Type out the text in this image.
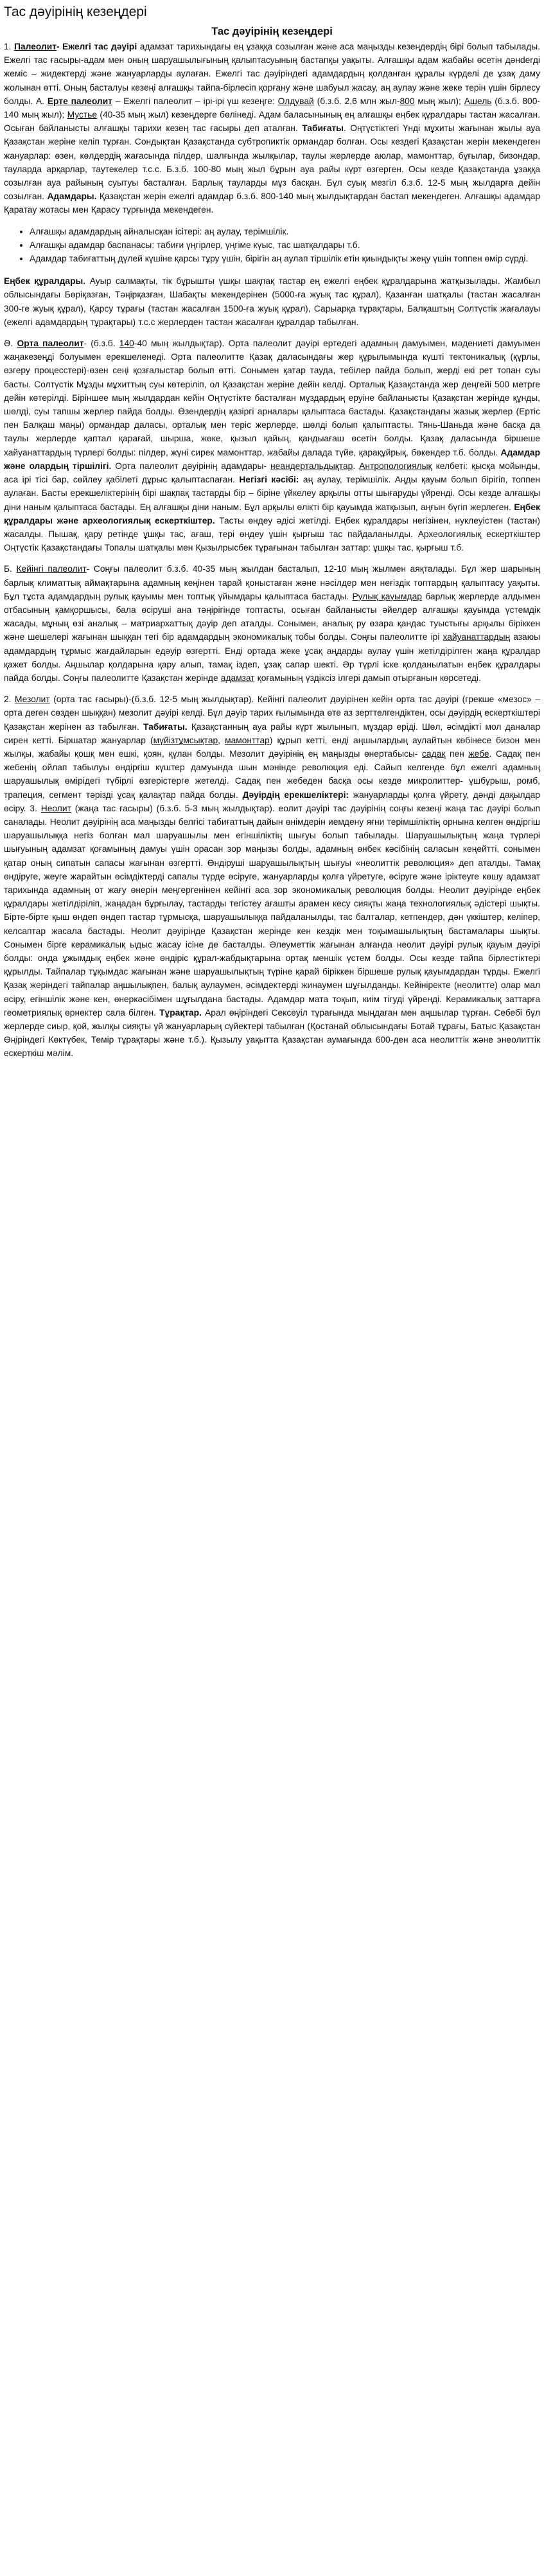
Тас дәуірінің кезеңдері
Тас дәуірінің кезеңдері

1. Палеолит- Ежелгі тас дәуірі адамзат тарихындағы ең ұзаққа созылған және аса маңызды кезеңдердің бірі болып табылады. Ежелгі тас ғасыры-адам мен оның шаруашылығының қалыптасуының бастапқы уақыты. Алғашқы адам жабайы өсетін дәнderді жеміс – жидектерді және жануарларды аулаған. Ежелгі тас дәуіріндегі адамдардың қолданған құралы күрделі де ұзақ даму жолынан өтті. Оның басталуы кезеңі алғашқы тайпа-бірлесіп қорғану және шабуыл жасау, аң аулау және жеке терін үшін бірлесу болды. А. Ерте палеолит – Ежелгі палеолит – ірі-ірі үш кезеңге: Олдувай (б.з.б. 2,6 млн жыл-800 мың жыл); Ашель (б.з.б. 800-140 мың жыл); Мустье (40-35 мың жыл) кезеңдерге бөлінеді. Адам баласынының ең алғашқы еңбек құралдары тастан жасалған. Осыған байланысты алғашқы тарихи кезең тас ғасыры деп аталған. Табиғаты. Оңтүстіктегі Үнді мұхиты жағынан жылы ауа Қазақстан жеріне келіп тұрған. Сондықтан Қазақстанда субтропиктік ормандар болған. Осы кездегі Қазақстан жерін мекендеген жануарлар: өзен, көлдердің жағасында пілдер, шалғында жылқылар, таулы жерлерде аюлар, мамонттар, бұғылар, бизондар, тауларда арқарлар, таутекелер т.с.с. Б.з.б. 100-80 мың жыл бұрын ауа райы күрт өзгерген. Осы кезде Қазақстанда ұзаққа созылған ауа райының суытуы басталған. Барлық тауларды мұз басқан. Бұл суық мезгіл б.з.б. 12-5 мың жылдарға дейін созылған. Адамдары. Қазақстан жерін ежелгі адамдар б.з.б. 800-140 мың жылдықтардан бастап мекендеген. Алғашқы адамдар Қаратау жотасы мен Қарасу тұрғында мекендеген.

• Алғашқы адамдардың айналысқан ісітері: аң аулау, терімшілік.
• Алғашқы адамдар баспанасы: табиғи үңгірлер, үңгіме күыс, тас шатқалдары т.б.
• Адамдар табиғаттың дүлей күшіне қарсы тұру үшін, бірігін аң аулап тіршілік етін қиындықты жеңу үшін топпен өмір сүрді.

Еңбек құралдары. Ауыр салмақты, тік бұрышты үшқы шақпақ тастар ең ежелгі еңбек құралдарына жатқызылады. Жамбыл облысындағы Бөріқазған, Тәңірқазған, Шабақты мекендерінен (5000-ға жуық тас құрал), Қазанған шатқалы (тастан жасалған 300-ге жуық құрал), Қарсу тұрағы (тастан жасалған 1500-ға жуық құрал), Сарыарқа тұрақтары, Балқаштың Солтүстік жағалауы (ежелгі адамдардың тұрақтары) т.с.с жерлерден тастан жасалған құралдар табылған.

Ә. Орта палеолит- (б.з.б. 140-40 мың жылдықтар). Орта палеолит дәуірі ертедегі адамның дамуымен, мәдениеті дамуымен жаңакезеңді болуымен ерекшеленеді. Орта палеолитте Қазақ даласындағы жер құрылымында күшті тектоникалық (құрлы, өзгеру процесстері)-өзен сеңі қозғалыстар болып өтті. Сонымен қатар тауда, тебілер пайда болып, жерді екі рет топан суы басты. Солтүстік Мұзды мұхиттың суы көтеріліп, ол Қазақстан жеріне дейін келді. Орталық Қазақстанда жер деңгейі 500 метрге дейін көтерілді. Біріншее мың жылдардан кейін Оңтүстікте басталған мұздардың еруіне байланысты Қазақстан жерінде құнды, шөлді, суы тапшы жерлер пайда болды. Өзендердің қазіргі арналары қалыптаса бастады. Қазақстандағы жазық жерлер (Ертіс пен Балқаш маңы) ормандар даласы, орталық мен теріс жерлерде, шөлді болып қалыптасты. Тянь-Шаньда және басқа да таулы жерлерде қаптал қарағай, шырша, жөке, қызыл қайың, қандыағаш өсетін болды. Қазақ даласында біршеше хайуанаттардың түрлері болды: пілдер, жүні сирек мамонттар, жабайы далада түйе, қарақұйрық, бөкендер т.б. болды. Адамдар және олардың тіршілігі. Орта палеолит дәуірінің адамдары- неандертальдықтар. Антропологиялық келбеті: қысқа мойынды, аса ірі тісі бар, сөйлеу қабілеті дұрыс қалыптаспаған. Негізгі кәсібі: аң аулау, терімшілік. Аңды қауым болып бірігіп, топпен аулаған. Басты ерекшеліктерінің бірі шақпақ тастарды бір – біріне үйкелеу арқылы отты шығаруды үйренді. Осы кезде алғашқы діни наным қалыптаса бастады. Ең алғашқы діни наным. Бұл арқылы өлікті бір қауымда жатқызып, аңғын бүгіп жерлеген. Еңбек құралдары және археологиялық ескерткіштер. Тасты өндеу әдісі жетілді. Еңбек құралдары негізінен, нуклеуістен (тастан) жасалды. Пышақ, қару ретінде ұшқы тас, ағаш, тері өндеу үшін қырғыш тас пайдаланылды. Археологиялық ескерткіштер Оңтүстік Қазақстандағы Топалы шатқалы мен Қызылрысбек тұрағынан табылған заттар: ұшқы тас, қырғыш т.б.

Б. Кейінгі палеолит- Соңғы палеолит б.з.б. 40-35 мың жылдан басталып, 12-10 мың жылмен аяқталады. Бұл жер шарының барлық климаттық аймақтарына адамның кеңінен тарай қоныстаған және нәсілдер мен неғіздік топтардың қалыптасу уақыты. Бұл тұста адамдардың рулық қауымы мен топтық үйымдары қалыптаса бастады. Рулық қауымдар барлық жерлерде алдымен отбасының қамқоршысы, бала өсіруші ана тәңірігінде топтасты, осыған байланысты әйелдер алғашқы қауымда үстемдік жасады, мұның өзі аналық – матриархаттық дәуір деп аталды. Сонымен, аналық ру өзара қандас туыстығы арқылы біріккен және шешелері жағынан шыққан тегі бір адамдардың экономикалық тобы болды. Соңғы палеолитте ірі хайуанаттардың азаюы адамдардың тұрмыс жағдайларын едәуір өзгертті. Енді ортада жеке ұсақ аңдарды аулау үшін жетілдірілген жаңа құралдар қажет болды. Аңшылар қолдарына қару алып, тамақ іздеп, ұзақ сапар шекті. Әр түрлі іске қолданылатын еңбек құралдары пайда болды. Соңғы палеолитте Қазақстан жерінде адамзат қоғамының үздіксіз ілгері дамып отырғанын көрсетеді.

2. Мезолит (орта тас ғасыры)-(б.з.б. 12-5 мың жылдықтар). Кейінгі палеолит дәуірінен кейін орта тас дәуірі (грекше «мезос» – орта деген сөзден шыққан) мезолит дәуірі келді. Бұл дәуір тарих ғылымында өте аз зерттелгендіктен, осы дәуірдің ескерткіштері Қазақстан жерінен аз табылған. Табиғаты. Қазақстанның ауа райы күрт жылынып, мұздар еріді. Шөл, әсімдікті мол даналар сирен кетті. Біршатар жануарлар (мүйізтұмсықтар, мамонттар) құрып кетті, енді аңшылардың аулайтын көбінесе бизон мен жылқы, жабайы қошқ мен ешкі, қоян, құлан болды. Мезолит дәуірінің ең маңызды өнертабысы- садақ пен жебе. Садақ пен жебенің ойлап табылуы өндірғіш күштер дамуында шын мәнінде революция еді. Сайып келгенде бұл ежелгі адамның шаруашылық өмірідегі түбірлі өзгерістерге жетелді. Садақ пен жебеден басқа осы кезде микролиттер- ұшбұрыш, ромб, трапеция, сегмент тәрізді ұсақ қалақтар пайда болды. Дәуірдің ерекшеліктері: жануарларды қолға үйрету, дәнді дақылдар өсіру. 3. Неолит (жаңа тас ғасыры) (б.з.б. 5-3 мың жылдықтар). еолит дәуірі тас дәуірінің соңғы кезеңі жаңа тас дәуірі болып саналады. Неолит дәуірінің аса маңызды белгісі табиғаттың дайын өнімдерін иемдену яғни терімшіліктің орнына келген өндіргіш шаруашылыққа негіз болған мал шаруашылы мен егіншіліктің шығуы болып табылады. Шаруашылықтың жаңа түрлері шығуының адамзат қоғамының дамуы үшін орасан зор маңызы болды, адамның өнбек кәсібінің саласын кеңейтті, сонымен қатар оның сипатын сапасы жағынан өзгертті. Өндіруші шаруашылықтың шығуы «неолиттік революция» деп аталды. Тамақ өндіруге, жеуге жарайтын өсімдіктерді сапалы түрде өсіруге, жануарларды қолға үйретуге, өсіруге және ірiктеуге көшу адамзат тарихында адамның от жағу өнерін меңгергенінен кейінгі аса зор экономикалық революция болды. Неолит дәуірінде еңбек құралдары жетілдіріліп, жаңадан бұрғылау, тастарды тегістеу ағашты арамен кесу сияқты жаңа технологиялық әдістері шықты. Бірте-бірте қыш өндеп өндеп тастар тұрмысқа, шаруашылыққа пайдаланылды, тас балталар, кетпендер, дән үккіштер, келіпер, келсаптар жасала бастады. Неолит дәуірінде Қазақстан жерінде кен кездік мен тоқымашылықтың бастамалары шықты. Сонымен бірге керамикалық ыдыс жасау ісіне де басталды. Әлеуметтік жағынан алғанда неолит дәуірі рулық қауым дәуірі болды: онда ұжымдық еңбек және өндіріс құрал-жабдықтарына ортақ меншік үстем болды. Осы кезде тайпа бірлестіктері құрылды. Тайпалар тұқымдас жағынан және шаруашылықтың түріне қарай біріккен біршеше рулық қауымдардан тұрды. Ежелгі Қазақ жеріндегі тайпалар аңшылықпен, балық аулаумен, әсімдектерді жинаумен шұғылданды. Кейініректе (неолитте) олар мал өсіру, егіншілік және кен, өнеркәсібімен шұғылдана бастады. Адамдар мата тоқып, киім тігуді үйренді. Керамикалық заттарға геометриялық өрнектер сала білген. Тұрақтар. Арал өңіріндегі Сексеуіл тұрағында мыңдаған мен аңшылар тұрған. Себебі бұл жерлерде сиыр, қой, жылқы сияқты үй жануарларың сүйектері табылған (Қостанай облысындағы Ботай тұрағы, Батыс Қазақстан Өңіріндегі Көктүбек, Темір тұрақтары және т.б.). Қызылу уақытта Қазақстан аумағында 600-ден аса неолиттік және энеолиттік ескерткіш мәлім.
